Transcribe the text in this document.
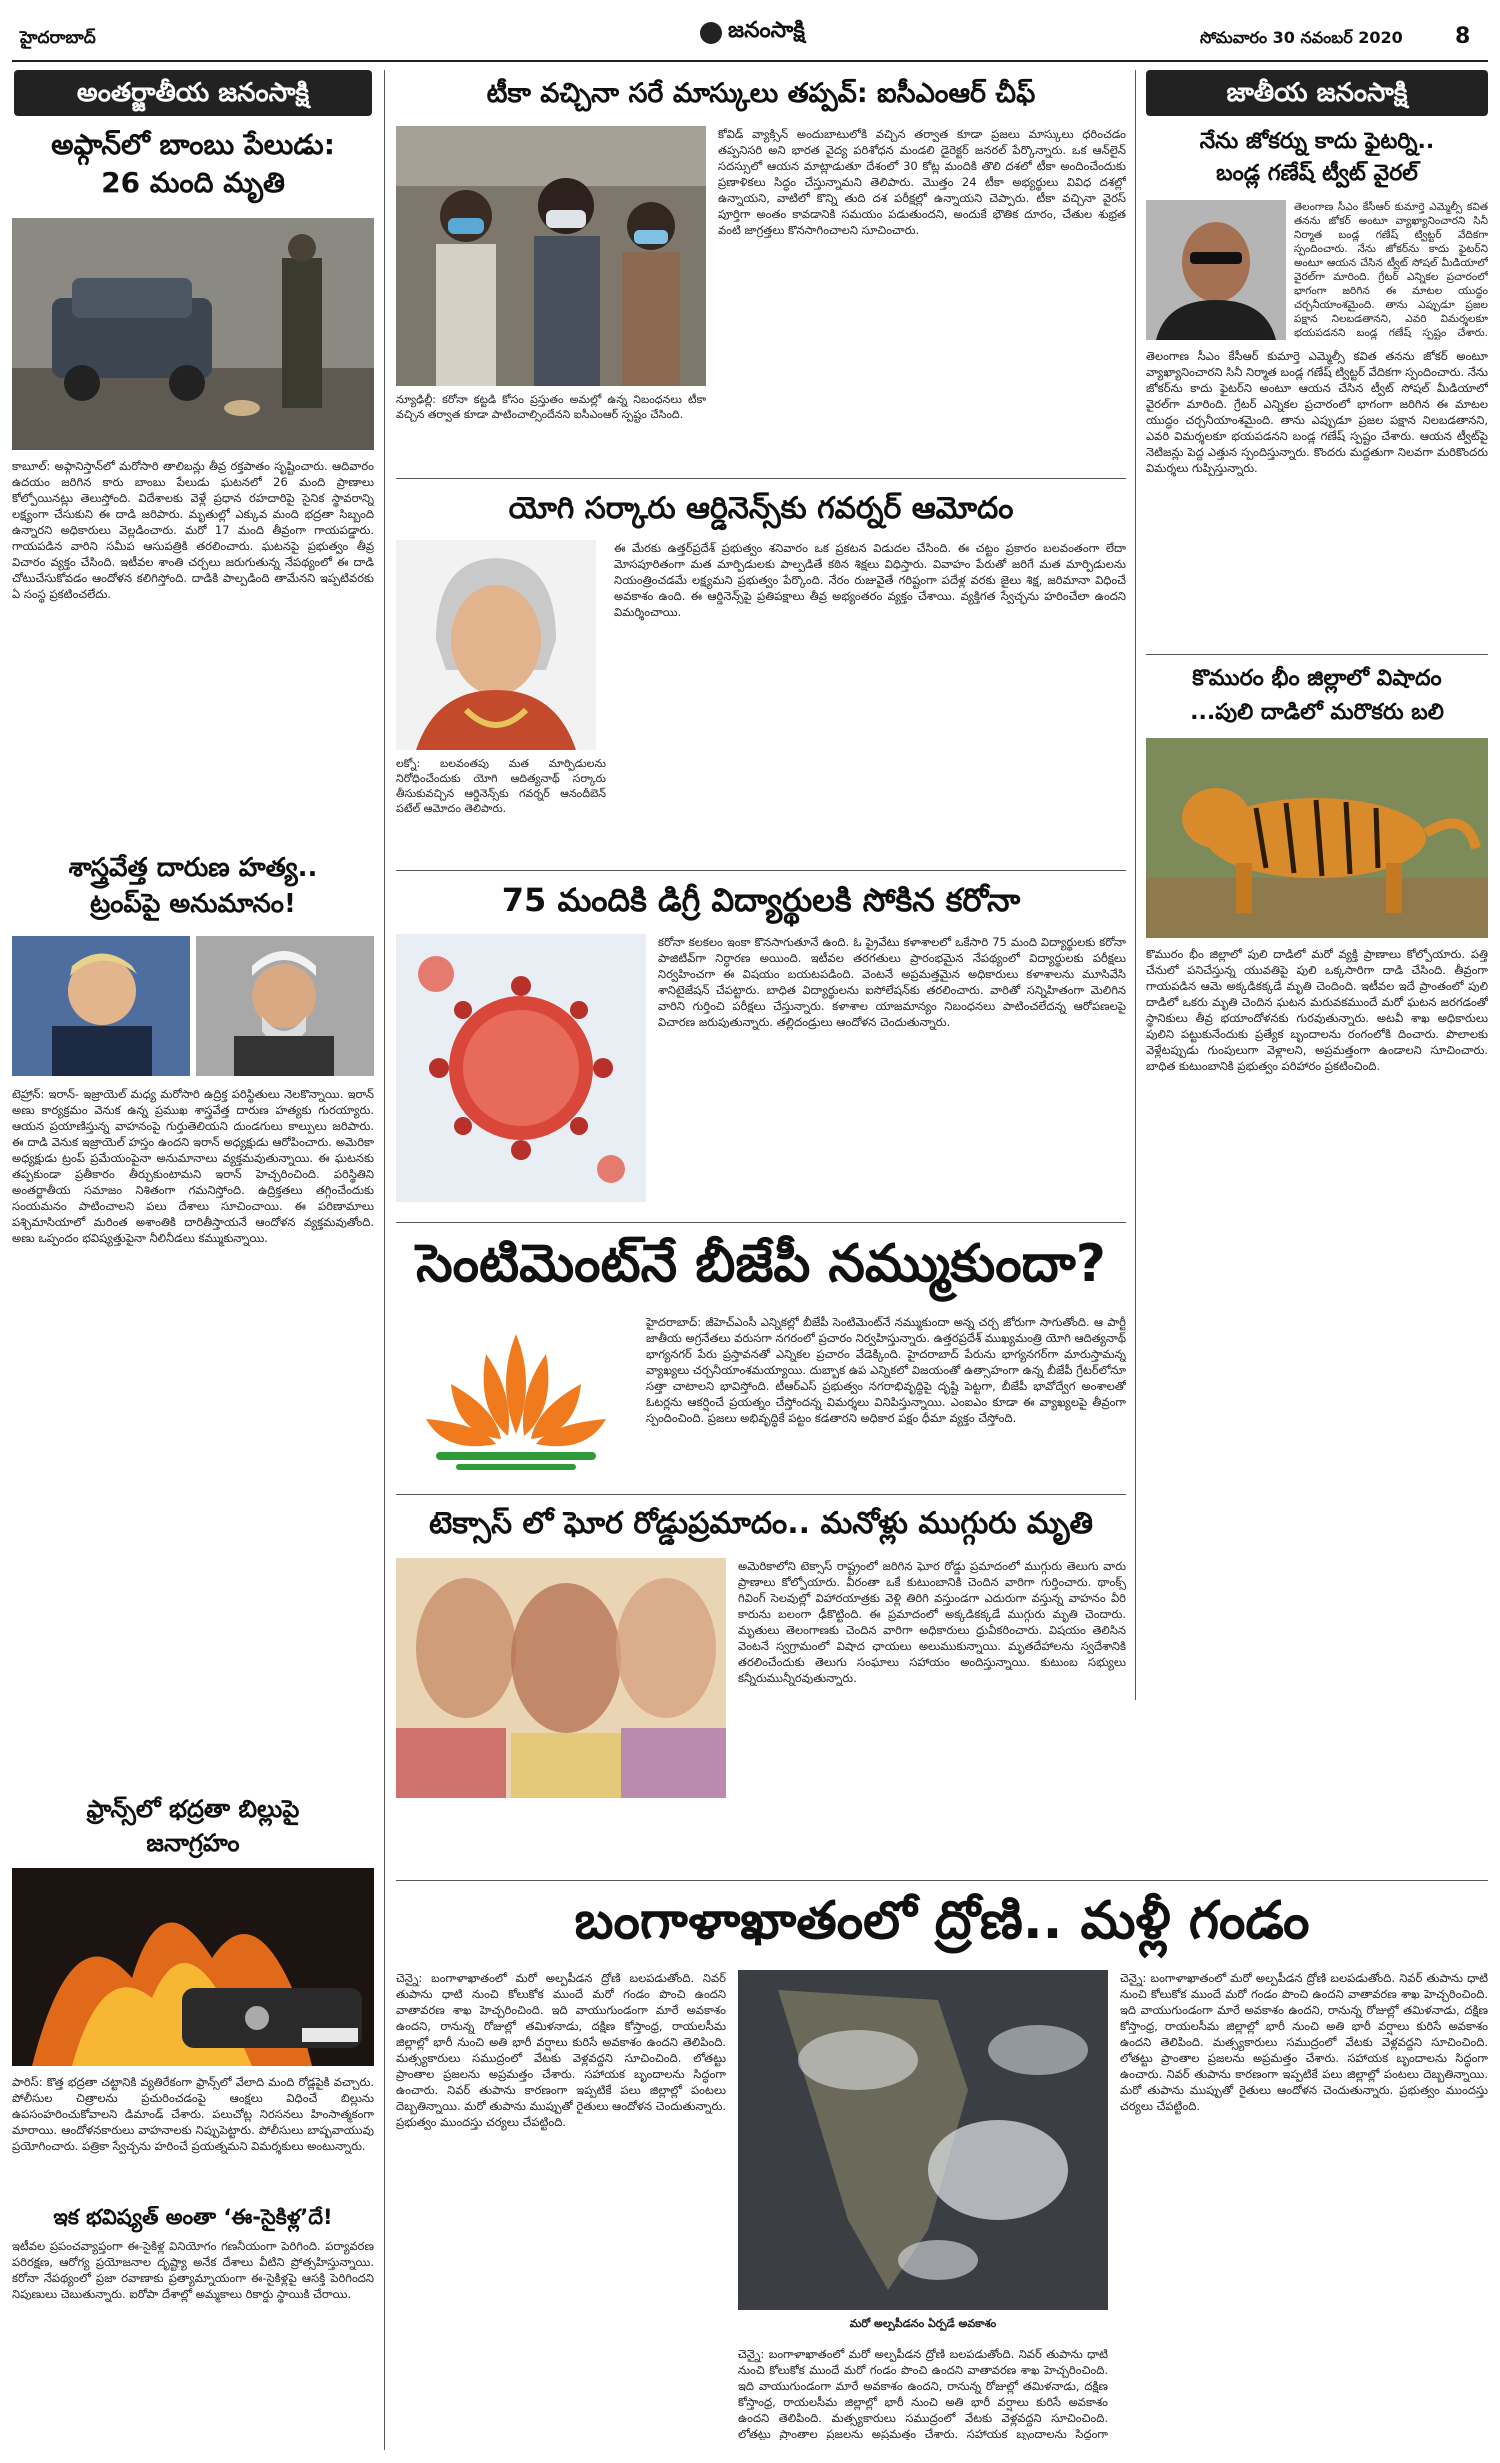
హైదరాబాద్	జనంసాక్షి	సోమవారం 30 నవంబర్ 2020 8
అంతర్జాతీయ జనంసాక్షి
అఫ్గాన్‌లో బాంబు పేలుడు:
26 మంది మృతి

కాబూల్: అఫ్గానిస్తాన్‌లో మరోసారి తాలిబన్లు తీవ్ర రక్తపాతం సృష్టించారు. ఆదివారం ఉదయం జరిగిన కారు బాంబు పేలుడు ఘటనలో 26 మంది ప్రాణాలు కోల్పోయినట్లు తెలుస్తోంది. విదేశాలకు వెళ్లే ప్రధాన రహదారిపై సైనిక స్థావరాన్ని లక్ష్యంగా చేసుకుని ఈ దాడి జరిపారు. మృతుల్లో ఎక్కువ మంది భద్రతా సిబ్బంది ఉన్నారని అధికారులు వెల్లడించారు. మరో 17 మంది తీవ్రంగా గాయపడ్డారు. గాయపడిన వారిని సమీప ఆసుపత్రికి తరలించారు. ఘటనపై ప్రభుత్వం తీవ్ర విచారం వ్యక్తం చేసింది. ఇటీవల శాంతి చర్చలు జరుగుతున్న నేపథ్యంలో ఈ దాడి చోటుచేసుకోవడం ఆందోళన కలిగిస్తోంది. దాడికి పాల్పడింది తామేనని ఇప్పటివరకు ఏ సంస్థ ప్రకటించలేదు.

శాస్త్రవేత్త దారుణ హత్య..
ట్రంప్‌పై అనుమానం!

టెహ్రాన్: ఇరాన్- ఇజ్రాయెల్ మధ్య మరోసారి ఉద్రిక్త పరిస్థితులు నెలకొన్నాయి. ఇరాన్ అణు కార్యక్రమం వెనుక ఉన్న ప్రముఖ శాస్త్రవేత్త దారుణ హత్యకు గురయ్యారు. ఆయన ప్రయాణిస్తున్న వాహనంపై గుర్తుతెలియని దుండగులు కాల్పులు జరిపారు. ఈ దాడి వెనుక ఇజ్రాయెల్ హస్తం ఉందని ఇరాన్ అధ్యక్షుడు ఆరోపించారు. అమెరికా అధ్యక్షుడు ట్రంప్ ప్రమేయంపైనా అనుమానాలు వ్యక్తమవుతున్నాయి. ఈ ఘటనకు తప్పకుండా ప్రతీకారం తీర్చుకుంటామని ఇరాన్ హెచ్చరించింది. పరిస్థితిని అంతర్జాతీయ సమాజం నిశితంగా గమనిస్తోంది. ఉద్రిక్తతలు తగ్గించేందుకు సంయమనం పాటించాలని పలు దేశాలు సూచించాయి. ఈ పరిణామాలు పశ్చిమాసియాలో మరింత అశాంతికి దారితీస్తాయనే ఆందోళన వ్యక్తమవుతోంది. అణు ఒప్పందం భవిష్యత్తుపైనా నీలినీడలు కమ్ముకున్నాయి.

ఫ్రాన్స్‌లో భద్రతా బిల్లుపై
జనాగ్రహం

పారిస్: కొత్త భద్రతా చట్టానికి వ్యతిరేకంగా ఫ్రాన్స్‌లో వేలాది మంది రోడ్లపైకి వచ్చారు. పోలీసుల చిత్రాలను ప్రచురించడంపై ఆంక్షలు విధించే బిల్లును ఉపసంహరించుకోవాలని డిమాండ్ చేశారు. పలుచోట్ల నిరసనలు హింసాత్మకంగా మారాయి. ఆందోళనకారులు వాహనాలకు నిప్పుపెట్టారు. పోలీసులు బాష్పవాయువు ప్రయోగించారు. పత్రికా స్వేచ్ఛను హరించే ప్రయత్నమని విమర్శకులు అంటున్నారు.

ఇక భవిష్యత్ అంతా ‘ఈ-సైకిళ్ల’దే!

ఇటీవల ప్రపంచవ్యాప్తంగా ఈ-సైకిళ్ల వినియోగం గణనీయంగా పెరిగింది. పర్యావరణ పరిరక్షణ, ఆరోగ్య ప్రయోజనాల దృష్ట్యా అనేక దేశాలు వీటిని ప్రోత్సహిస్తున్నాయి. కరోనా నేపథ్యంలో ప్రజా రవాణాకు ప్రత్యామ్నాయంగా ఈ-సైకిళ్లపై ఆసక్తి పెరిగిందని నిపుణులు చెబుతున్నారు. ఐరోపా దేశాల్లో అమ్మకాలు రికార్డు స్థాయికి చేరాయి.

టీకా వచ్చినా సరే మాస్కులు తప్పవ్: ఐసీఎంఆర్ చీఫ్

న్యూఢిల్లీ: కరోనా కట్టడి కోసం ప్రస్తుతం అమల్లో ఉన్న నిబంధనలు టీకా వచ్చిన తర్వాత కూడా పాటించాల్సిందేనని ఐసీఎంఆర్ స్పష్టం చేసింది.

కోవిడ్ వ్యాక్సిన్ అందుబాటులోకి వచ్చిన తర్వాత కూడా ప్రజలు మాస్కులు ధరించడం తప్పనిసరి అని భారత వైద్య పరిశోధన మండలి డైరెక్టర్ జనరల్ పేర్కొన్నారు. ఒక ఆన్‌లైన్ సదస్సులో ఆయన మాట్లాడుతూ దేశంలో 30 కోట్ల మందికి తొలి దశలో టీకా అందించేందుకు ప్రణాళికలు సిద్ధం చేస్తున్నామని తెలిపారు. మొత్తం 24 టీకా అభ్యర్థులు వివిధ దశల్లో ఉన్నాయని, వాటిలో కొన్ని తుది దశ పరీక్షల్లో ఉన్నాయని చెప్పారు. టీకా వచ్చినా వైరస్ పూర్తిగా అంతం కావడానికి సమయం పడుతుందని, అందుకే భౌతిక దూరం, చేతుల శుభ్రత వంటి జాగ్రత్తలు కొనసాగించాలని సూచించారు.

యోగి సర్కారు ఆర్డినెన్స్‌కు గవర్నర్ ఆమోదం

లక్నో: బలవంతపు మత మార్పిడులను నిరోధించేందుకు యోగి ఆదిత్యనాథ్ సర్కారు తీసుకువచ్చిన ఆర్డినెన్స్‌కు గవర్నర్ ఆనందీబెన్ పటేల్ ఆమోదం తెలిపారు.

ఈ మేరకు ఉత్తర్‌ప్రదేశ్ ప్రభుత్వం శనివారం ఒక ప్రకటన విడుదల చేసింది. ఈ చట్టం ప్రకారం బలవంతంగా లేదా మోసపూరితంగా మత మార్పిడులకు పాల్పడితే కఠిన శిక్షలు విధిస్తారు. వివాహం పేరుతో జరిగే మత మార్పిడులను నియంత్రించడమే లక్ష్యమని ప్రభుత్వం పేర్కొంది. నేరం రుజువైతే గరిష్టంగా పదేళ్ల వరకు జైలు శిక్ష, జరిమానా విధించే అవకాశం ఉంది. ఈ ఆర్డినెన్స్‌పై ప్రతిపక్షాలు తీవ్ర అభ్యంతరం వ్యక్తం చేశాయి. వ్యక్తిగత స్వేచ్ఛను హరించేలా ఉందని విమర్శించాయి.

75 మందికి డిగ్రీ విద్యార్థులకి సోకిన కరోనా

కరోనా కలకలం ఇంకా కొనసాగుతూనే ఉంది. ఓ ప్రైవేటు కళాశాలలో ఒకేసారి 75 మంది విద్యార్థులకు కరోనా పాజిటివ్‌గా నిర్ధారణ అయింది. ఇటీవల తరగతులు ప్రారంభమైన నేపథ్యంలో విద్యార్థులకు పరీక్షలు నిర్వహించగా ఈ విషయం బయటపడింది. వెంటనే అప్రమత్తమైన అధికారులు కళాశాలను మూసివేసి శానిటైజేషన్ చేపట్టారు. బాధిత విద్యార్థులను ఐసోలేషన్‌కు తరలించారు. వారితో సన్నిహితంగా మెలిగిన వారిని గుర్తించి పరీక్షలు చేస్తున్నారు. కళాశాల యాజమాన్యం నిబంధనలు పాటించలేదన్న ఆరోపణలపై విచారణ జరుపుతున్నారు. తల్లిదండ్రులు ఆందోళన చెందుతున్నారు.

సెంటిమెంట్‌నే బీజేపీ నమ్ముకుందా?

హైదరాబాద్: జీహెచ్ఎంసీ ఎన్నికల్లో బీజేపీ సెంటిమెంట్‌నే నమ్ముకుందా అన్న చర్చ జోరుగా సాగుతోంది. ఆ పార్టీ జాతీయ అగ్రనేతలు వరుసగా నగరంలో ప్రచారం నిర్వహిస్తున్నారు. ఉత్తరప్రదేశ్ ముఖ్యమంత్రి యోగి ఆదిత్యనాథ్ భాగ్యనగర్ పేరు ప్రస్తావనతో ఎన్నికల ప్రచారం వేడెక్కింది. హైదరాబాద్ పేరును భాగ్యనగర్‌గా మారుస్తామన్న వ్యాఖ్యలు చర్చనీయాంశమయ్యాయి. దుబ్బాక ఉప ఎన్నికలో విజయంతో ఉత్సాహంగా ఉన్న బీజేపీ గ్రేటర్‌లోనూ సత్తా చాటాలని భావిస్తోంది. టీఆర్ఎస్ ప్రభుత్వం నగరాభివృద్ధిపై దృష్టి పెట్టగా, బీజేపీ భావోద్వేగ అంశాలతో ఓటర్లను ఆకర్షించే ప్రయత్నం చేస్తోందన్న విమర్శలు వినిపిస్తున్నాయి. ఎంఐఎం కూడా ఈ వ్యాఖ్యలపై తీవ్రంగా స్పందించింది. ప్రజలు అభివృద్ధికే పట్టం కడతారని అధికార పక్షం ధీమా వ్యక్తం చేస్తోంది.

టెక్సాస్ లో ఘోర రోడ్డుప్రమాదం.. మనోళ్లు ముగ్గురు మృతి

అమెరికాలోని టెక్సాస్ రాష్ట్రంలో జరిగిన ఘోర రోడ్డు ప్రమాదంలో ముగ్గురు తెలుగు వారు ప్రాణాలు కోల్పోయారు. వీరంతా ఒకే కుటుంబానికి చెందిన వారిగా గుర్తించారు. థాంక్స్ గివింగ్ సెలవుల్లో విహారయాత్రకు వెళ్లి తిరిగి వస్తుండగా ఎదురుగా వస్తున్న వాహనం వీరి కారును బలంగా ఢీకొట్టింది. ఈ ప్రమాదంలో అక్కడికక్కడే ముగ్గురు మృతి చెందారు. మృతులు తెలంగాణకు చెందిన వారిగా అధికారులు ధ్రువీకరించారు. విషయం తెలిసిన వెంటనే స్వగ్రామంలో విషాద ఛాయలు అలుముకున్నాయి. మృతదేహాలను స్వదేశానికి తరలించేందుకు తెలుగు సంఘాలు సహాయం అందిస్తున్నాయి. కుటుంబ సభ్యులు కన్నీరుమున్నీరవుతున్నారు.

జాతీయ జనంసాక్షి
నేను జోకర్ను కాదు ఫైటర్ని..
బండ్ల గణేష్ ట్వీట్ వైరల్

తెలంగాణ సీఎం కేసీఆర్ కుమార్తె ఎమ్మెల్సీ కవిత తనను జోకర్ అంటూ వ్యాఖ్యానించారని సినీ నిర్మాత బండ్ల గణేష్ ట్విట్టర్ వేదికగా స్పందించారు. నేను జోకర్‌ను కాదు ఫైటర్‌ని అంటూ ఆయన చేసిన ట్వీట్ సోషల్ మీడియాలో వైరల్‌గా మారింది. గ్రేటర్ ఎన్నికల ప్రచారంలో భాగంగా జరిగిన ఈ మాటల యుద్ధం చర్చనీయాంశమైంది. తాను ఎప్పుడూ ప్రజల పక్షాన నిలబడతానని, ఎవరి విమర్శలకూ భయపడనని బండ్ల గణేష్ స్పష్టం చేశారు.

తెలంగాణ సీఎం కేసీఆర్ కుమార్తె ఎమ్మెల్సీ కవిత తనను జోకర్ అంటూ వ్యాఖ్యానించారని సినీ నిర్మాత బండ్ల గణేష్ ట్విట్టర్ వేదికగా స్పందించారు. నేను జోకర్‌ను కాదు ఫైటర్‌ని అంటూ ఆయన చేసిన ట్వీట్ సోషల్ మీడియాలో వైరల్‌గా మారింది. గ్రేటర్ ఎన్నికల ప్రచారంలో భాగంగా జరిగిన ఈ మాటల యుద్ధం చర్చనీయాంశమైంది. తాను ఎప్పుడూ ప్రజల పక్షాన నిలబడతానని, ఎవరి విమర్శలకూ భయపడనని బండ్ల గణేష్ స్పష్టం చేశారు. ఆయన ట్వీట్‌పై నెటిజన్లు పెద్ద ఎత్తున స్పందిస్తున్నారు. కొందరు మద్దతుగా నిలవగా మరికొందరు విమర్శలు గుప్పిస్తున్నారు.

కొమురం భీం జిల్లాలో విషాదం
...పులి దాడిలో మరొకరు బలి

కొమురం భీం జిల్లాలో పులి దాడిలో మరో వ్యక్తి ప్రాణాలు కోల్పోయారు. పత్తి చేనులో పనిచేస్తున్న యువతిపై పులి ఒక్కసారిగా దాడి చేసింది. తీవ్రంగా గాయపడిన ఆమె అక్కడికక్కడే మృతి చెందింది. ఇటీవల ఇదే ప్రాంతంలో పులి దాడిలో ఒకరు మృతి చెందిన ఘటన మరువకముందే మరో ఘటన జరగడంతో స్థానికులు తీవ్ర భయాందోళనకు గురవుతున్నారు. అటవీ శాఖ అధికారులు పులిని పట్టుకునేందుకు ప్రత్యేక బృందాలను రంగంలోకి దించారు. పొలాలకు వెళ్లేటప్పుడు గుంపులుగా వెళ్లాలని, అప్రమత్తంగా ఉండాలని సూచించారు. బాధిత కుటుంబానికి ప్రభుత్వం పరిహారం ప్రకటించింది.

బంగాళాఖాతంలో ద్రోణి.. మళ్లీ గండం

చెన్నై: బంగాళాఖాతంలో మరో అల్పపీడన ద్రోణి బలపడుతోంది. నివర్ తుపాను ధాటి నుంచి కోలుకోక ముందే మరో గండం పొంచి ఉందని వాతావరణ శాఖ హెచ్చరించింది. ఇది వాయుగుండంగా మారే అవకాశం ఉందని, రానున్న రోజుల్లో తమిళనాడు, దక్షిణ కోస్తాంధ్ర, రాయలసీమ జిల్లాల్లో భారీ నుంచి అతి భారీ వర్షాలు కురిసే అవకాశం ఉందని తెలిపింది. మత్స్యకారులు సముద్రంలో వేటకు వెళ్లవద్దని సూచించింది. లోతట్టు ప్రాంతాల ప్రజలను అప్రమత్తం చేశారు. సహాయక బృందాలను సిద్ధంగా ఉంచారు. నివర్ తుపాను కారణంగా ఇప్పటికే పలు జిల్లాల్లో పంటలు దెబ్బతిన్నాయి. మరో తుపాను ముప్పుతో రైతులు ఆందోళన చెందుతున్నారు. ప్రభుత్వం ముందస్తు చర్యలు చేపట్టింది.

మరో అల్పపీడనం ఏర్పడే అవకాశం

చెన్నై: బంగాళాఖాతంలో మరో అల్పపీడన ద్రోణి బలపడుతోంది. నివర్ తుపాను ధాటి నుంచి కోలుకోక ముందే మరో గండం పొంచి ఉందని వాతావరణ శాఖ హెచ్చరించింది. ఇది వాయుగుండంగా మారే అవకాశం ఉందని, రానున్న రోజుల్లో తమిళనాడు, దక్షిణ కోస్తాంధ్ర, రాయలసీమ జిల్లాల్లో భారీ నుంచి అతి భారీ వర్షాలు కురిసే అవకాశం ఉందని తెలిపింది. మత్స్యకారులు సముద్రంలో వేటకు వెళ్లవద్దని సూచించింది. లోతట్టు ప్రాంతాల ప్రజలను అప్రమత్తం చేశారు. సహాయక బృందాలను సిద్ధంగా

చెన్నై: బంగాళాఖాతంలో మరో అల్పపీడన ద్రోణి బలపడుతోంది. నివర్ తుపాను ధాటి నుంచి కోలుకోక ముందే మరో గండం పొంచి ఉందని వాతావరణ శాఖ హెచ్చరించింది. ఇది వాయుగుండంగా మారే అవకాశం ఉందని, రానున్న రోజుల్లో తమిళనాడు, దక్షిణ కోస్తాంధ్ర, రాయలసీమ జిల్లాల్లో భారీ నుంచి అతి భారీ వర్షాలు కురిసే అవకాశం ఉందని తెలిపింది. మత్స్యకారులు సముద్రంలో వేటకు వెళ్లవద్దని సూచించింది. లోతట్టు ప్రాంతాల ప్రజలను అప్రమత్తం చేశారు. సహాయక బృందాలను సిద్ధంగా ఉంచారు. నివర్ తుపాను కారణంగా ఇప్పటికే పలు జిల్లాల్లో పంటలు దెబ్బతిన్నాయి. మరో తుపాను ముప్పుతో రైతులు ఆందోళన చెందుతున్నారు. ప్రభుత్వం ముందస్తు చర్యలు చేపట్టింది.
